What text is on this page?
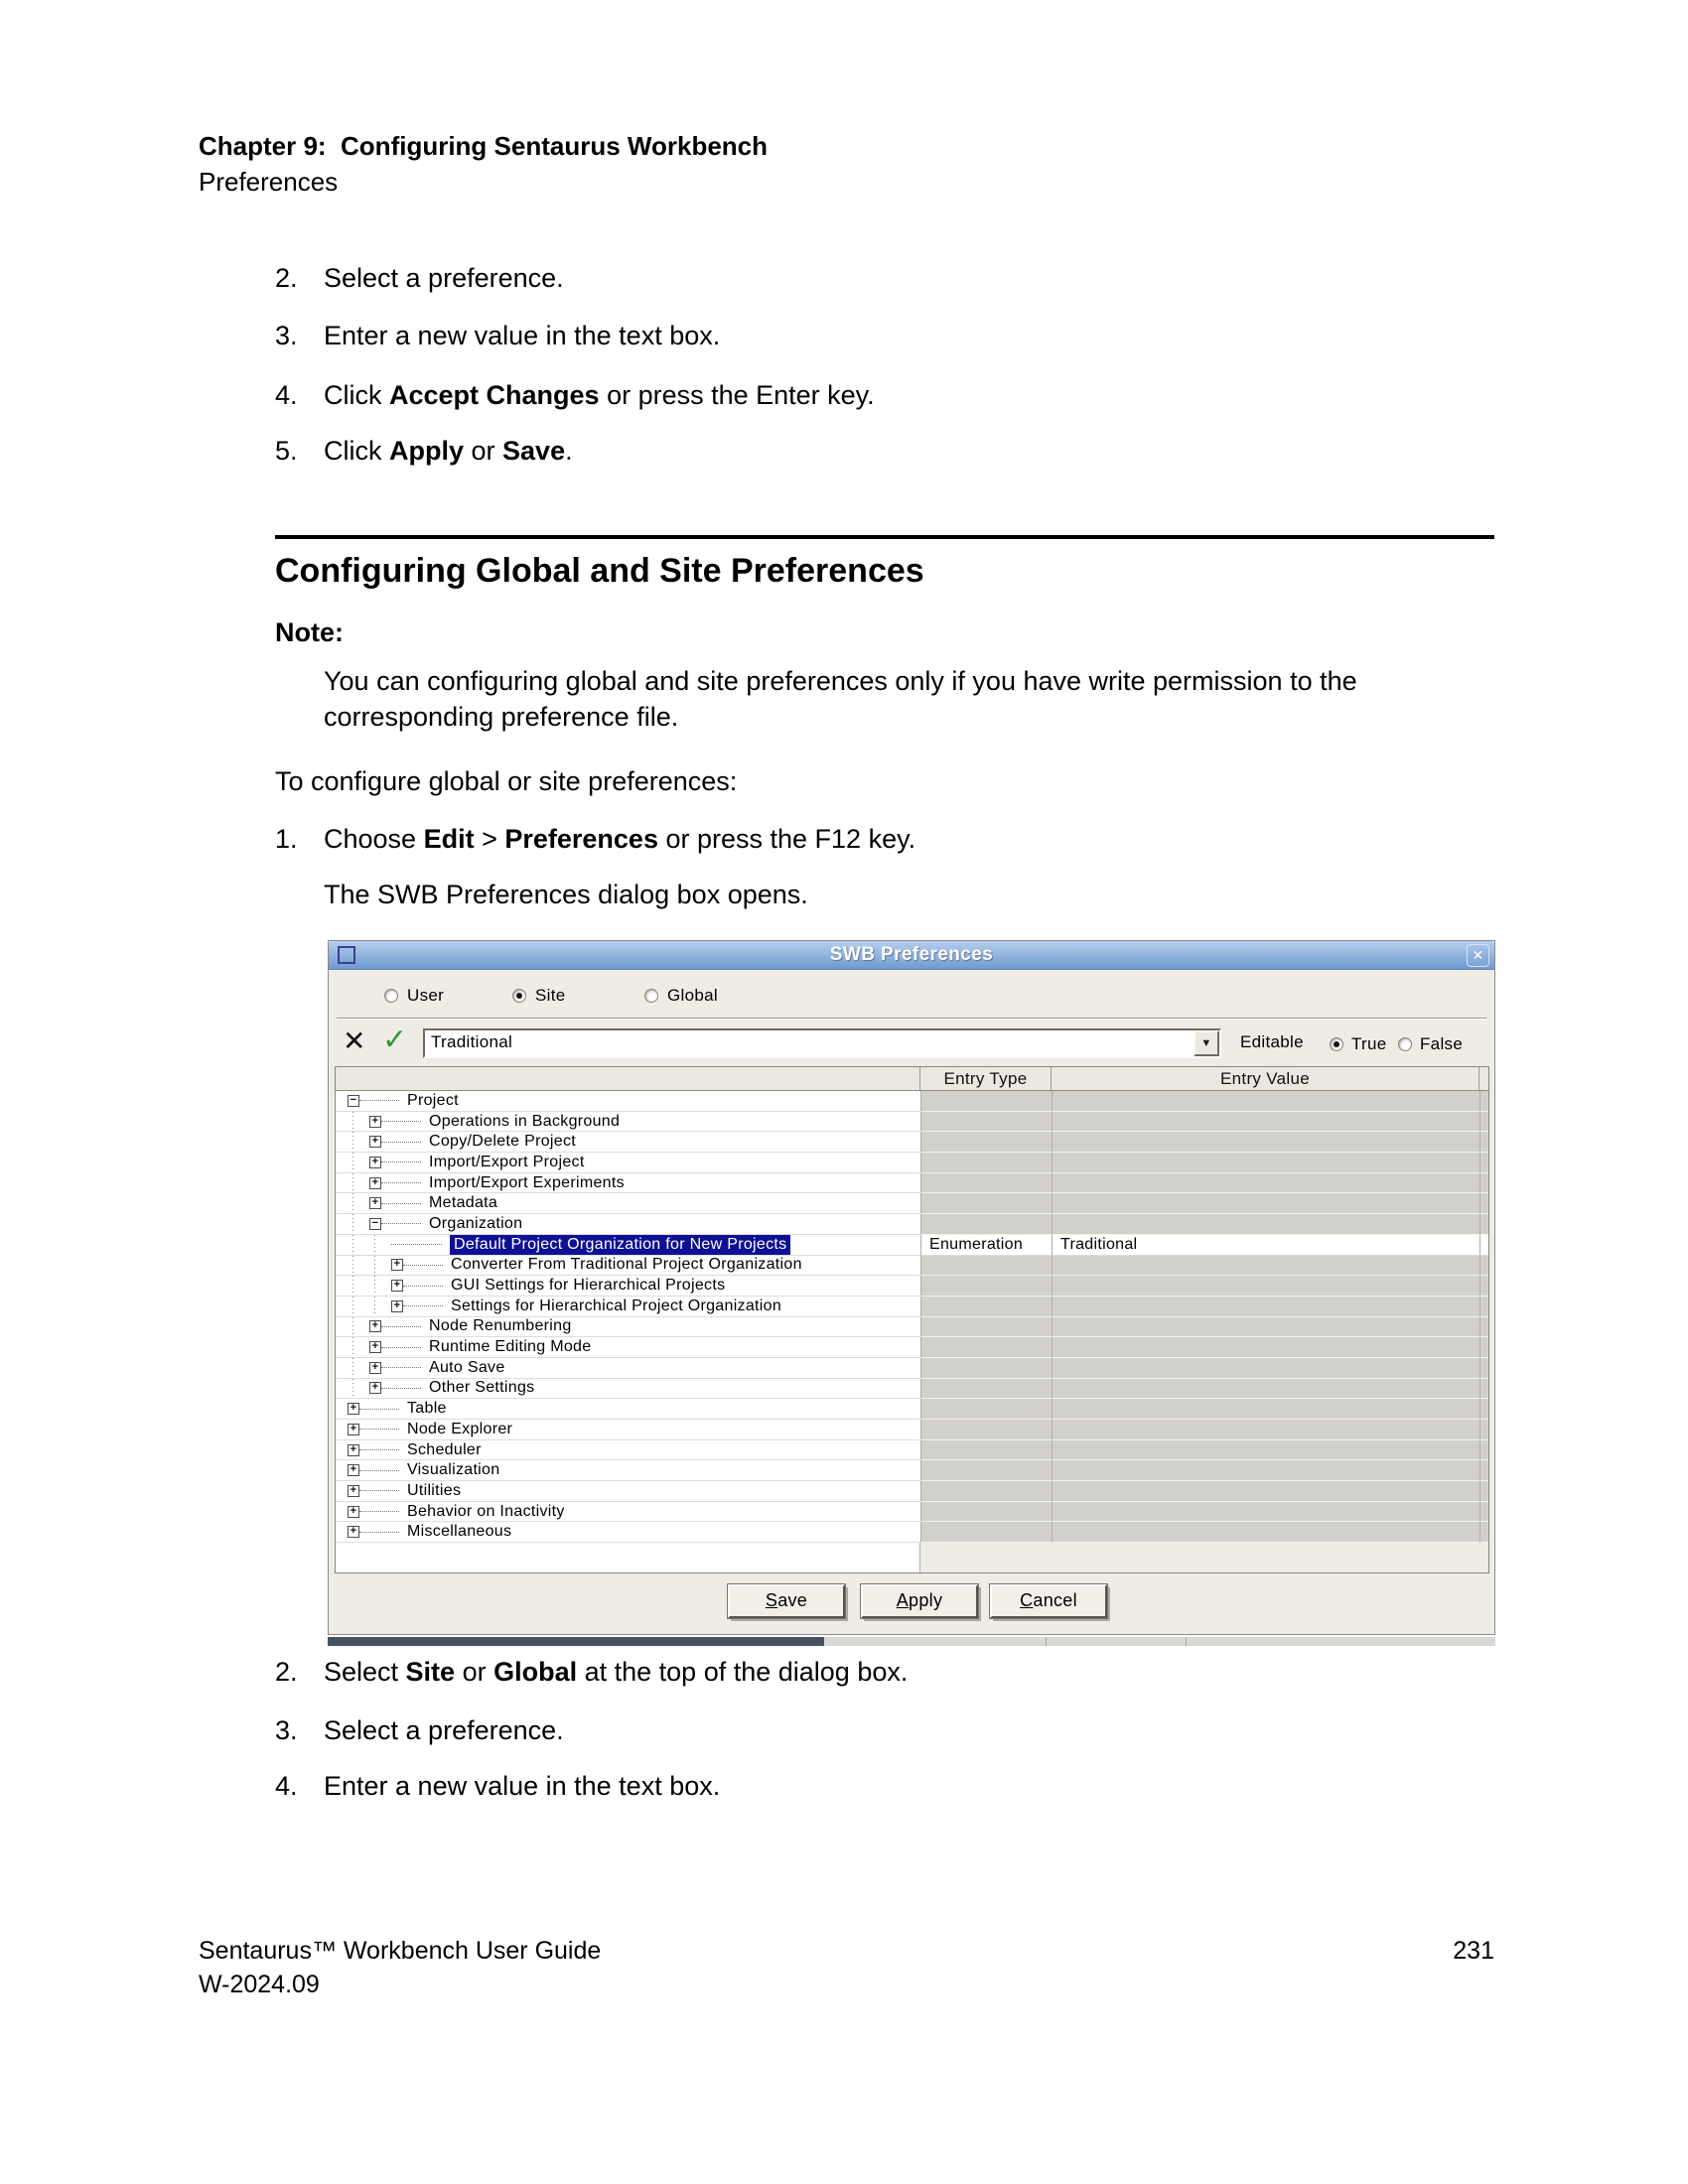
Chapter 9:  Configuring Sentaurus Workbench
Preferences
2. Select a preference.
3. Enter a new value in the text box.
4. Click Accept Changes or press the Enter key.
5. Click Apply or Save.
Configuring Global and Site Preferences
Note:
You can configuring global and site preferences only if you have write permission to the corresponding preference file.
To configure global or site preferences:
1. Choose Edit > Preferences or press the F12 key.
The SWB Preferences dialog box opens.
SWB Preferences	✕
User	Site	Global
✕ ✓ Traditional	▼	Editable	True False
Entry Type	Entry Value
−	Project
+	Operations in Background
+	Copy/Delete Project
+	Import/Export Project
+	Import/Export Experiments
+	Metadata
−	Organization
Default Project Organization for New Projects	Enumeration	Traditional
+	Converter From Traditional Project Organization
+	GUI Settings for Hierarchical Projects
+	Settings for Hierarchical Project Organization
+	Node Renumbering
+	Runtime Editing Mode
+	Auto Save
+	Other Settings
+	Table
+	Node Explorer
+	Scheduler
+	Visualization
+	Utilities
+	Behavior on Inactivity
+	Miscellaneous
Save	Apply	Cancel
2. Select Site or Global at the top of the dialog box.
3. Select a preference.
4. Enter a new value in the text box.
Sentaurus™ Workbench User Guide
W-2024.09
231
